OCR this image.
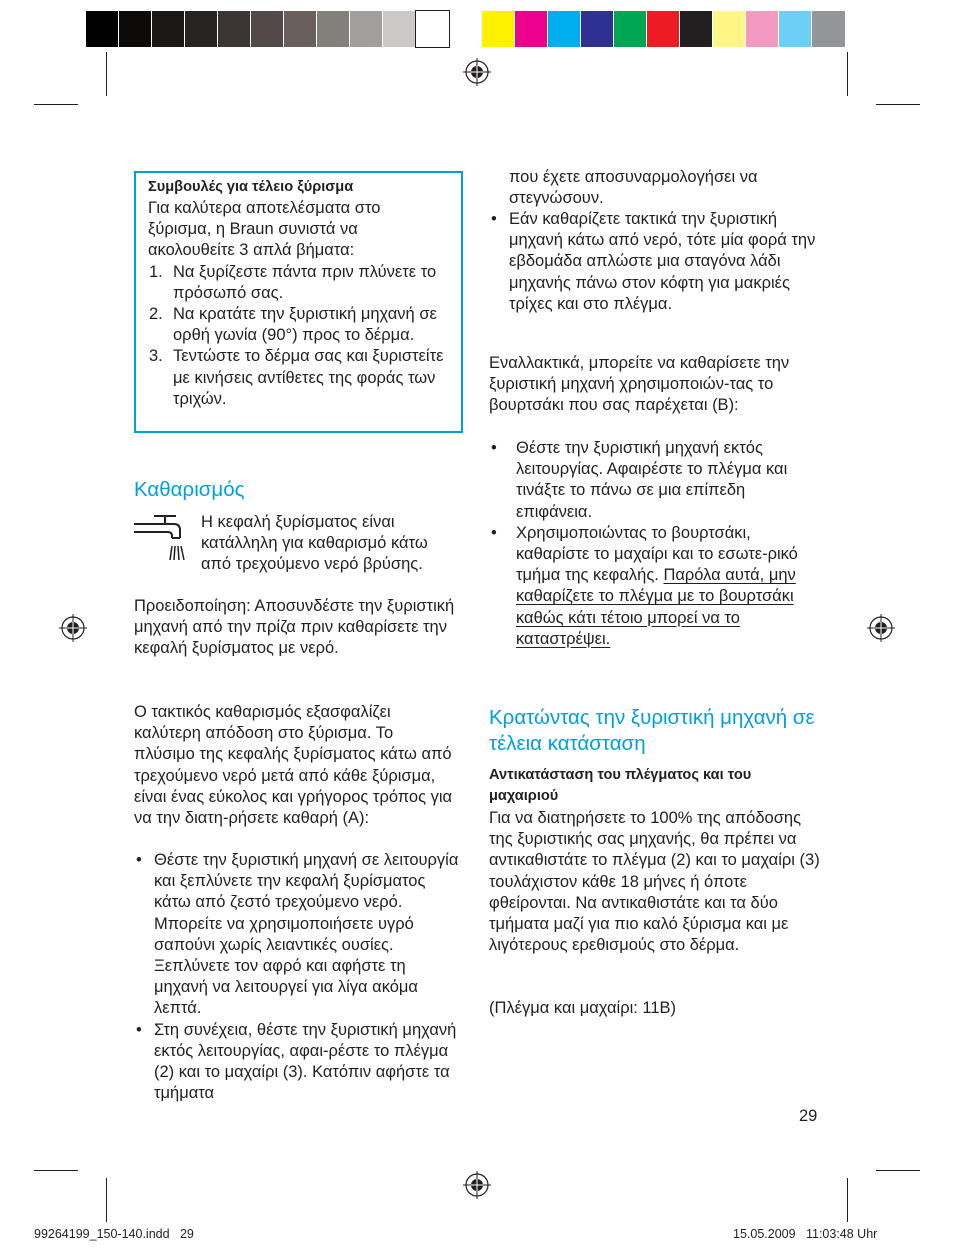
Συμβουλές για τέλειο ξύρισμα

Για καλύτερα αποτελέσματα στο ξύρισμα, η Braun συνιστά να ακολουθείτε 3 απλά βήματα:

1. Να ξυρίζεστε πάντα πριν πλύνετε το πρόσωπό σας.
2. Να κρατάτε την ξυριστική μηχανή σε ορθή γωνία (90°) προς το δέρμα.
3. Τεντώστε το δέρμα σας και ξυριστείτε με κινήσεις αντίθετες της φοράς των τριχών.
Καθαρισμός
Η κεφαλή ξυρίσματος είναι κατάλληλη για καθαρισμό κάτω από τρεχούμενο νερό βρύσης.
Προειδοποίηση: Αποσυνδέστε την ξυριστική μηχανή από την πρίζα πριν καθαρίσετε την κεφαλή ξυρίσματος με νερό.
Ο τακτικός καθαρισμός εξασφαλίζει καλύτερη απόδοση στο ξύρισμα. Το πλύσιμο της κεφαλής ξυρίσματος κάτω από τρεχούμενο νερό μετά από κάθε ξύρισμα, είναι ένας εύκολος και γρήγορος τρόπος για να την διατη-ρήσετε καθαρή (A):
• Θέστε την ξυριστική μηχανή σε λειτουργία και ξεπλύνετε την κεφαλή ξυρίσματος κάτω από ζεστό τρεχούμενο νερό. Μπορείτε να χρησιμοποιήσετε υγρό σαπούνι χωρίς λειαντικές ουσίες. Ξεπλύνετε τον αφρό και αφήστε τη μηχανή να λειτουργεί για λίγα ακόμα λεπτά.
• Στη συνέχεια, θέστε την ξυριστική μηχανή εκτός λειτουργίας, αφαι-ρέστε το πλέγμα (2) και το μαχαίρι (3). Κατόπιν αφήστε τα τμήματα
που έχετε αποσυναρμολογήσει να στεγνώσουν.
• Εάν καθαρίζετε τακτικά την ξυριστική μηχανή κάτω από νερό, τότε μία φορά την εβδομάδα απλώστε μια σταγόνα λάδι μηχανής πάνω στον κόφτη για μακριές τρίχες και στο πλέγμα.
Εναλλακτικά, μπορείτε να καθαρίσετε την ξυριστική μηχανή χρησιμοποιών-τας το βουρτσάκι που σας παρέχεται (B):
• Θέστε την ξυριστική μηχανή εκτός λειτουργίας. Αφαιρέστε το πλέγμα και τινάξτε το πάνω σε μια επίπεδη επιφάνεια.
• Χρησιμοποιώντας το βουρτσάκι, καθαρίστε το μαχαίρι και το εσωτε-ρικό τμήμα της κεφαλής. Παρόλα αυτά, μην καθαρίζετε το πλέγμα με το βουρτσάκι καθώς κάτι τέτοιο μπορεί να το καταστρέψει.
Κρατώντας την ξυριστική μηχανή σε τέλεια κατάσταση
Αντικατάσταση του πλέγματος και του μαχαιριού
Για να διατηρήσετε το 100% της απόδοσης της ξυριστικής σας μηχανής, θα πρέπει να αντικαθιστάτε το πλέγμα (2) και το μαχαίρι (3) τουλάχιστον κάθε 18 μήνες ή όποτε φθείρονται. Να αντικαθιστάτε και τα δύο τμήματα μαζί για πιο καλό ξύρισμα και με λιγότερους ερεθισμούς στο δέρμα.
(Πλέγμα και μαχαίρι: 11B)
29
99264199_150-140.indd   29	15.05.2009   11:03:48 Uhr
